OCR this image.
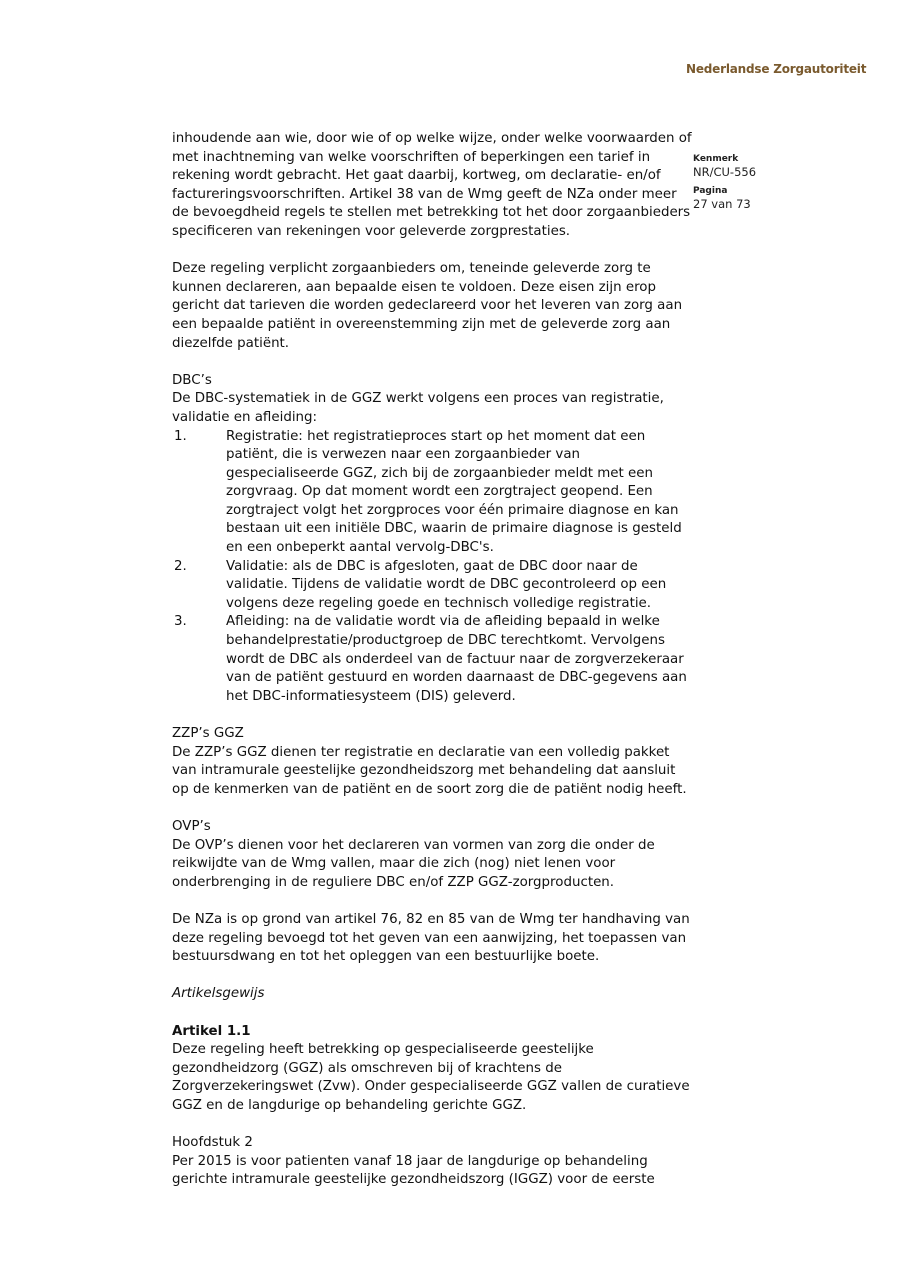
Nederlandse Zorgautoriteit
Kenmerk
NR/CU-556
Pagina
27 van 73

inhoudende aan wie, door wie of op welke wijze, onder welke voorwaarden of met inachtneming van welke voorschriften of beperkingen een tarief in rekening wordt gebracht. Het gaat daarbij, kortweg, om declaratie- en/of factureringsvoorschriften. Artikel 38 van de Wmg geeft de NZa onder meer de bevoegdheid regels te stellen met betrekking tot het door zorgaanbieders specificeren van rekeningen voor geleverde zorgprestaties.

Deze regeling verplicht zorgaanbieders om, teneinde geleverde zorg te kunnen declareren, aan bepaalde eisen te voldoen. Deze eisen zijn erop gericht dat tarieven die worden gedeclareerd voor het leveren van zorg aan een bepaalde patiënt in overeenstemming zijn met de geleverde zorg aan diezelfde patiënt.

DBC’s

De DBC-systematiek in de GGZ werkt volgens een proces van registratie, validatie en afleiding:

1.	Registratie: het registratieproces start op het moment dat een patiënt, die is verwezen naar een zorgaanbieder van gespecialiseerde GGZ, zich bij de zorgaanbieder meldt met een zorgvraag. Op dat moment wordt een zorgtraject geopend. Een zorgtraject volgt het zorgproces voor één primaire diagnose en kan bestaan uit een initiële DBC, waarin de primaire diagnose is gesteld en een onbeperkt aantal vervolg-DBC's.
2.	Validatie: als de DBC is afgesloten, gaat de DBC door naar de validatie. Tijdens de validatie wordt de DBC gecontroleerd op een volgens deze regeling goede en technisch volledige registratie.
3.	Afleiding: na de validatie wordt via de afleiding bepaald in welke behandelprestatie/productgroep de DBC terechtkomt. Vervolgens wordt de DBC als onderdeel van de factuur naar de zorgverzekeraar van de patiënt gestuurd en worden daarnaast de DBC-gegevens aan het DBC-informatiesysteem (DIS) geleverd.

ZZP’s GGZ

De ZZP’s GGZ dienen ter registratie en declaratie van een volledig pakket van intramurale geestelijke gezondheidszorg met behandeling dat aansluit op de kenmerken van de patiënt en de soort zorg die de patiënt nodig heeft.

OVP’s

De OVP’s dienen voor het declareren van vormen van zorg die onder de reikwijdte van de Wmg vallen, maar die zich (nog) niet lenen voor onderbrenging in de reguliere DBC en/of ZZP GGZ-zorgproducten.

De NZa is op grond van artikel 76, 82 en 85 van de Wmg ter handhaving van deze regeling bevoegd tot het geven van een aanwijzing, het toepassen van bestuursdwang en tot het opleggen van een bestuurlijke boete.

Artikelsgewijs

Artikel 1.1

Deze regeling heeft betrekking op gespecialiseerde geestelijke gezondheidzorg (GGZ) als omschreven bij of krachtens de Zorgverzekeringswet (Zvw). Onder gespecialiseerde GGZ vallen de curatieve GGZ en de langdurige op behandeling gerichte GGZ.

Hoofdstuk 2

Per 2015 is voor patienten vanaf 18 jaar de langdurige op behandeling gerichte intramurale geestelijke gezondheidszorg (IGGZ) voor de eerste
